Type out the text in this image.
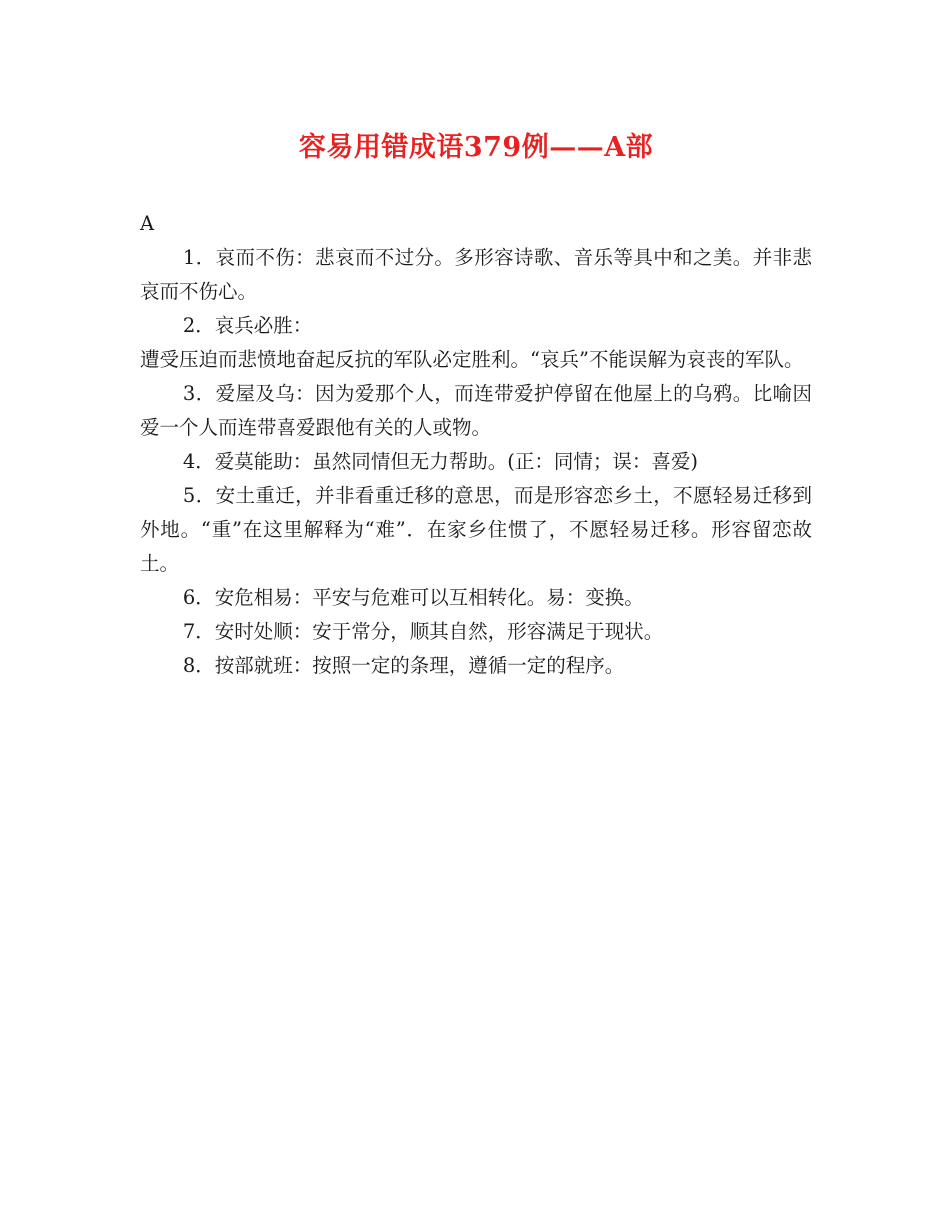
容易用错成语379例——A部

A

1．哀而不伤：悲哀而不过分。多形容诗歌、音乐等具中和之美。并非悲哀而不伤心。

2．哀兵必胜：

遭受压迫而悲愤地奋起反抗的军队必定胜利。“哀兵”不能误解为哀丧的军队。

3．爱屋及乌：因为爱那个人，而连带爱护停留在他屋上的乌鸦。比喻因爱一个人而连带喜爱跟他有关的人或物。

4．爱莫能助：虽然同情但无力帮助。(正：同情；误：喜爱)

5．安土重迁，并非看重迁移的意思，而是形容恋乡土，不愿轻易迁移到外地。“重”在这里解释为“难”．在家乡住惯了，不愿轻易迁移。形容留恋故土。

6．安危相易：平安与危难可以互相转化。易：变换。

7．安时处顺：安于常分，顺其自然，形容满足于现状。

8．按部就班：按照一定的条理，遵循一定的程序。
